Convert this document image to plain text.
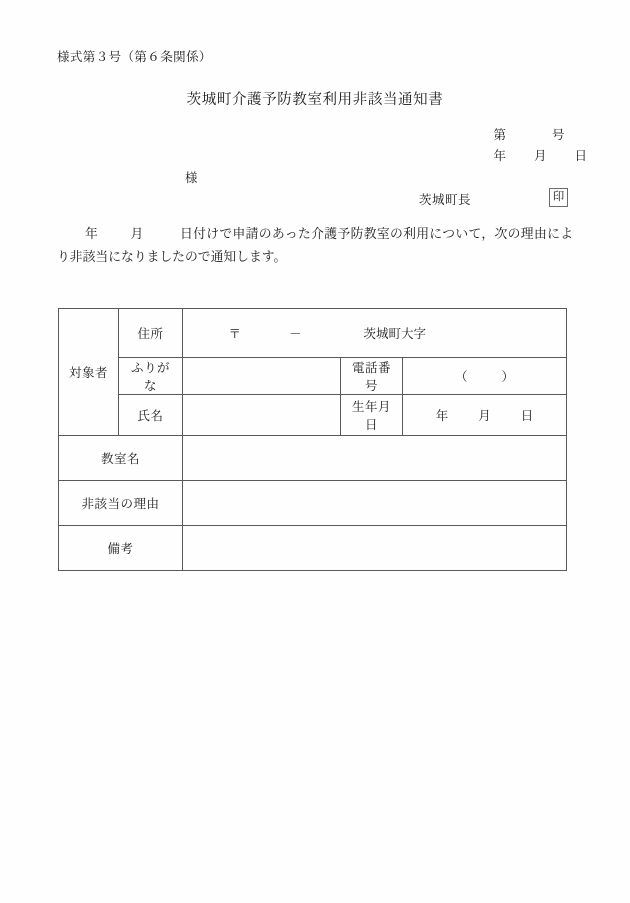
様式第３号（第６条関係）
茨城町介護予防教室利用非該当通知書

第	号

年 月 日

様
茨城町長	印
年	月	日付けで申請のあった介護予防教室の利用について，次の理由により非該当になりましたので通知します。
対象者	住所	〒 － 茨城町大字		

	ふりがな		電話番号	（ ）
	氏名		生年月日	年 月 日
教室名				
非該当の理由				
備考				
